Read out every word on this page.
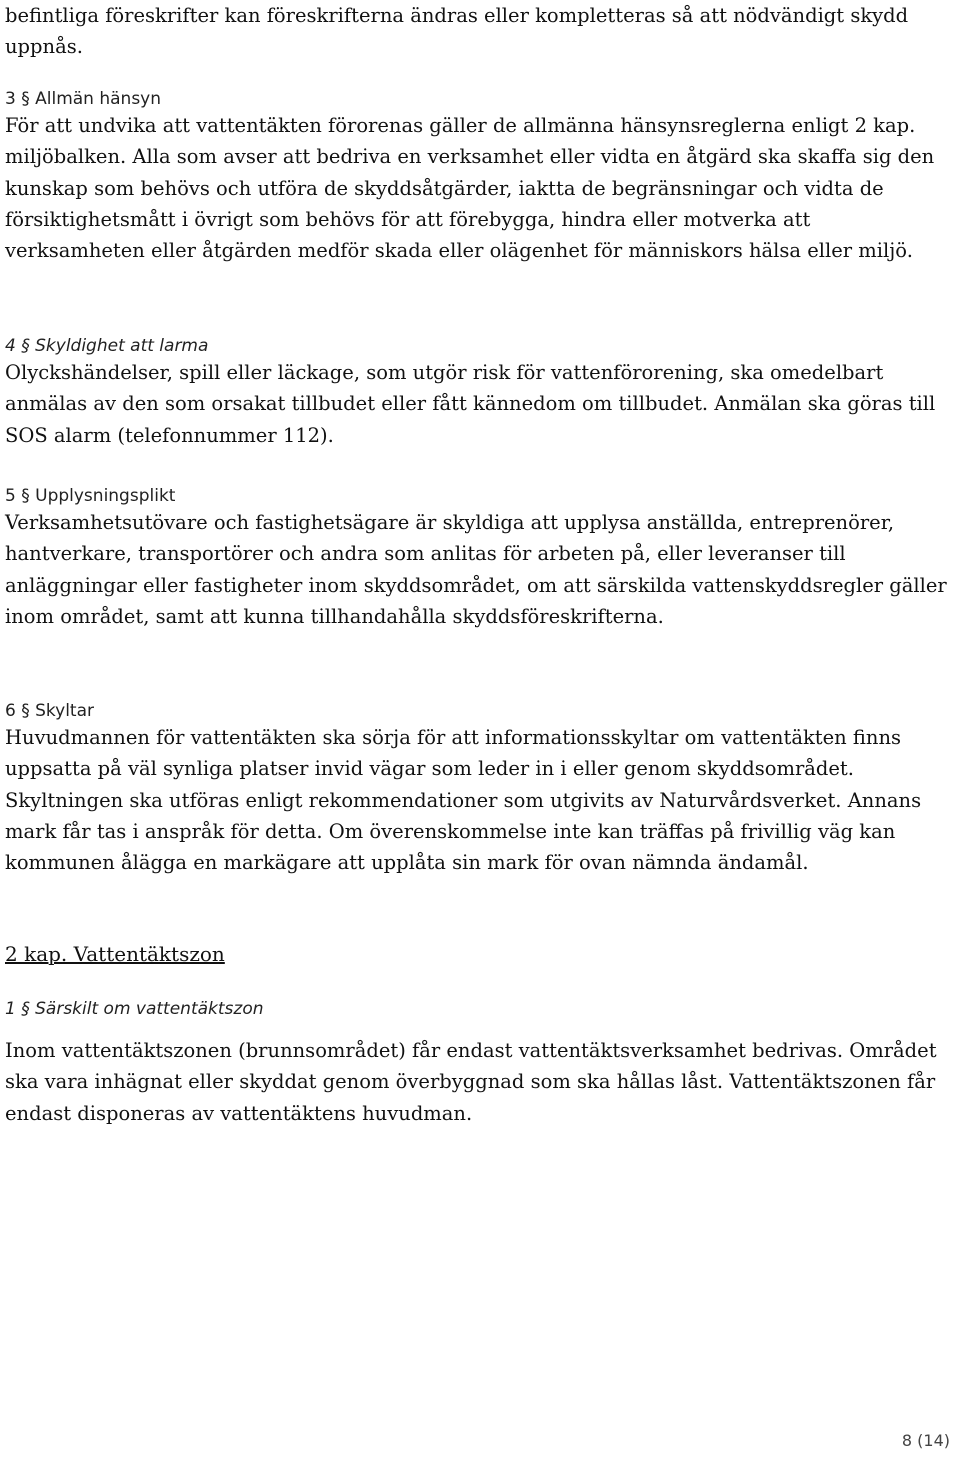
befintliga föreskrifter kan föreskrifterna ändras eller kompletteras så att nödvändigt skydd uppnås.

3 § Allmän hänsyn

För att undvika att vattentäkten förorenas gäller de allmänna hänsynsreglerna enligt 2 kap. miljöbalken. Alla som avser att bedriva en verksamhet eller vidta en åtgärd ska skaffa sig den kunskap som behövs och utföra de skyddsåtgärder, iaktta de begränsningar och vidta de försiktighetsmått i övrigt som behövs för att förebygga, hindra eller motverka att verksamheten eller åtgärden medför skada eller olägenhet för människors hälsa eller miljö.

4 § Skyldighet att larma

Olyckshändelser, spill eller läckage, som utgör risk för vattenförorening, ska omedelbart anmälas av den som orsakat tillbudet eller fått kännedom om tillbudet. Anmälan ska göras till SOS alarm (telefonnummer 112).

5 § Upplysningsplikt

Verksamhetsutövare och fastighetsägare är skyldiga att upplysa anställda, entreprenörer, hantverkare, transportörer och andra som anlitas för arbeten på, eller leveranser till anläggningar eller fastigheter inom skyddsområdet, om att särskilda vattenskyddsregler gäller inom området, samt att kunna tillhandahålla skyddsföreskrifterna.

6 § Skyltar

Huvudmannen för vattentäkten ska sörja för att informationsskyltar om vattentäkten finns uppsatta på väl synliga platser invid vägar som leder in i eller genom skyddsområdet. Skyltningen ska utföras enligt rekommendationer som utgivits av Naturvårdsverket. Annans mark får tas i anspråk för detta. Om överenskommelse inte kan träffas på frivillig väg kan kommunen ålägga en markägare att upplåta sin mark för ovan nämnda ändamål.

2 kap. Vattentäktszon

1 § Särskilt om vattentäktszon

Inom vattentäktszonen (brunnsområdet) får endast vattentäktsverksamhet bedrivas. Området ska vara inhägnat eller skyddat genom överbyggnad som ska hållas låst. Vattentäktszonen får endast disponeras av vattentäktens huvudman.

8 (14)
